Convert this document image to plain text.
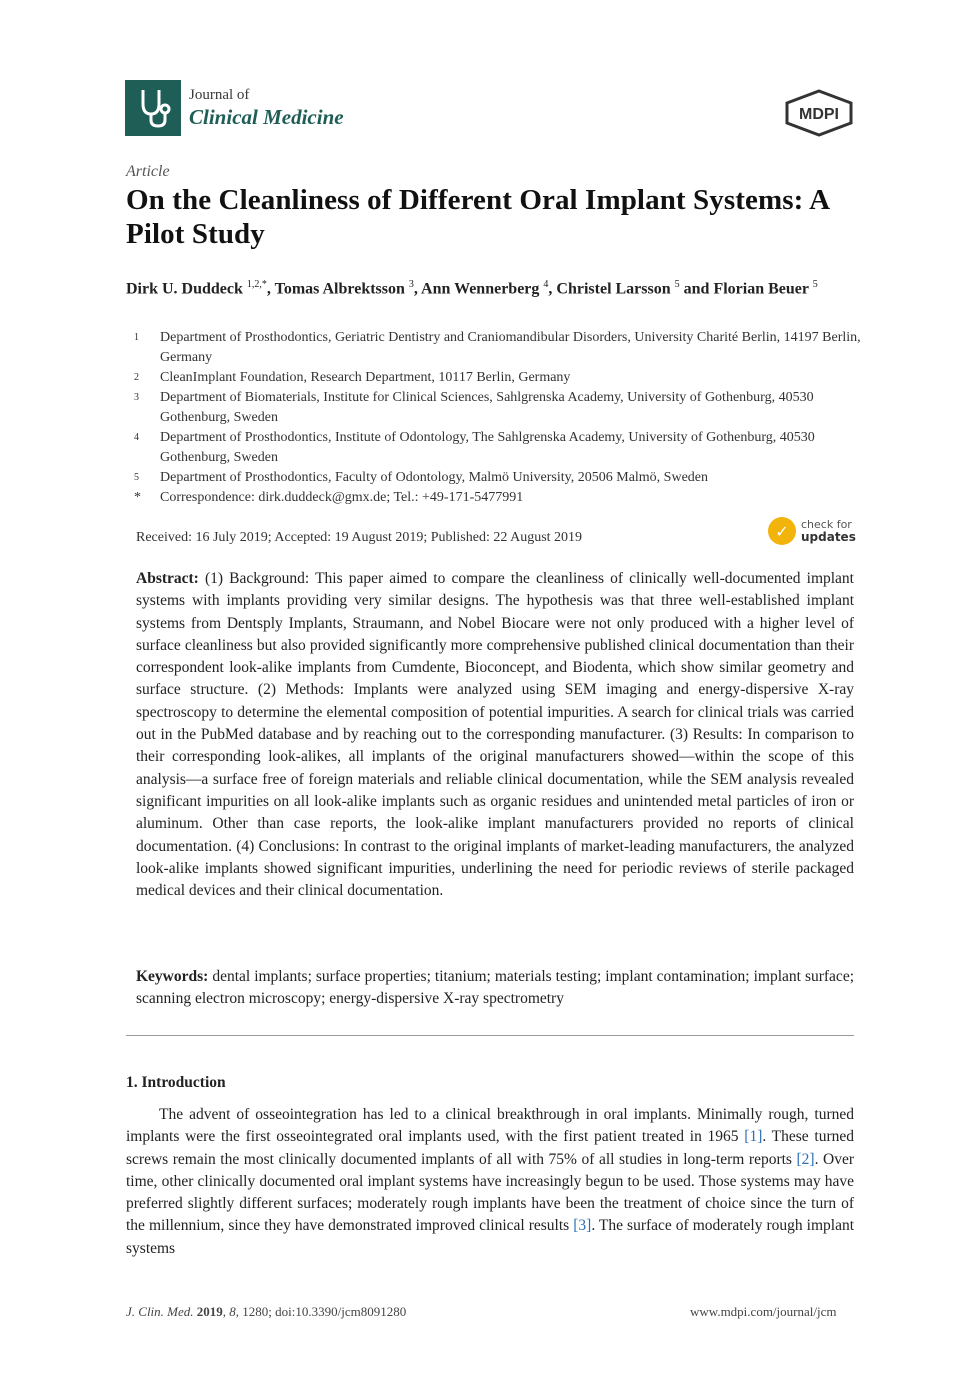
Journal of
Clinical Medicine	MDPI
Article
On the Cleanliness of Different Oral Implant Systems: A Pilot Study
Dirk U. Duddeck $^{1,2,*}$, Tomas Albrektsson $^3$, Ann Wennerberg $^4$, Christel Larsson $^5$ and Florian Beuer $^5$
1	Department of Prosthodontics, Geriatric Dentistry and Craniomandibular Disorders, University Charité Berlin, 14197 Berlin, Germany
2	CleanImplant Foundation, Research Department, 10117 Berlin, Germany
3	Department of Biomaterials, Institute for Clinical Sciences, Sahlgrenska Academy, University of Gothenburg, 40530 Gothenburg, Sweden
4	Department of Prosthodontics, Institute of Odontology, The Sahlgrenska Academy, University of Gothenburg, 40530 Gothenburg, Sweden
5	Department of Prosthodontics, Faculty of Odontology, Malmö University, 20506 Malmö, Sweden
*	Correspondence: dirk.duddeck@gmx.de; Tel.: +49-171-5477991
Received: 16 July 2019; Accepted: 19 August 2019; Published: 22 August 2019	✓	check for
updates
Abstract: (1) Background: This paper aimed to compare the cleanliness of clinically well-documented implant systems with implants providing very similar designs. The hypothesis was that three well-established implant systems from Dentsply Implants, Straumann, and Nobel Biocare were not only produced with a higher level of surface cleanliness but also provided significantly more comprehensive published clinical documentation than their correspondent look-alike implants from Cumdente, Bioconcept, and Biodenta, which show similar geometry and surface structure. (2) Methods: Implants were analyzed using SEM imaging and energy-dispersive X-ray spectroscopy to determine the elemental composition of potential impurities. A search for clinical trials was carried out in the PubMed database and by reaching out to the corresponding manufacturer. (3) Results: In comparison to their corresponding look-alikes, all implants of the original manufacturers showed—within the scope of this analysis—a surface free of foreign materials and reliable clinical documentation, while the SEM analysis revealed significant impurities on all look-alike implants such as organic residues and unintended metal particles of iron or aluminum. Other than case reports, the look-alike implant manufacturers provided no reports of clinical documentation. (4) Conclusions: In contrast to the original implants of market-leading manufacturers, the analyzed look-alike implants showed significant impurities, underlining the need for periodic reviews of sterile packaged medical devices and their clinical documentation.
Keywords: dental implants; surface properties; titanium; materials testing; implant contamination; implant surface; scanning electron microscopy; energy-dispersive X-ray spectrometry
1. Introduction
The advent of osseointegration has led to a clinical breakthrough in oral implants. Minimally rough, turned implants were the first osseointegrated oral implants used, with the first patient treated in 1965 [1]. These turned screws remain the most clinically documented implants of all with 75% of all studies in long-term reports [2]. Over time, other clinically documented oral implant systems have increasingly begun to be used. Those systems may have preferred slightly different surfaces; moderately rough implants have been the treatment of choice since the turn of the millennium, since they have demonstrated improved clinical results [3]. The surface of moderately rough implant systems
J. Clin. Med. 2019, 8, 1280; doi:10.3390/jcm8091280	www.mdpi.com/journal/jcm
